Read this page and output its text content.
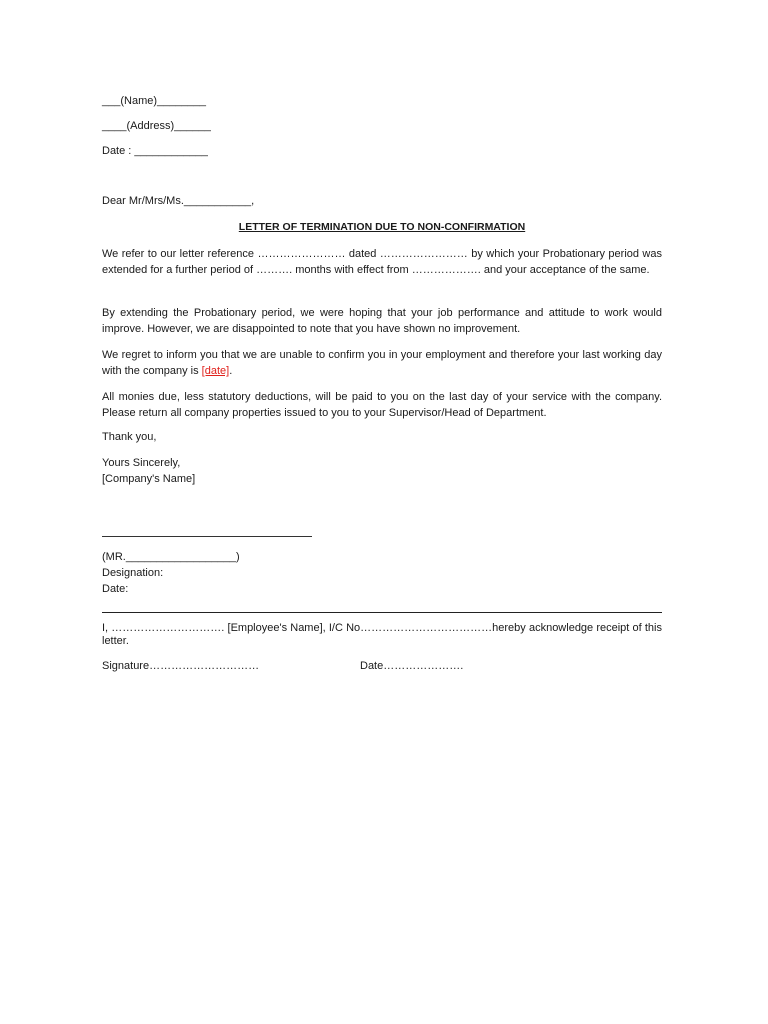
___(Name)________
____(Address)______
Date : ____________
Dear Mr/Mrs/Ms.___________,
LETTER OF TERMINATION DUE TO NON-CONFIRMATION
We refer to our letter reference …………………… dated …………………… by which your Probationary period was extended for a further period of ………. months with effect from ………………. and your acceptance of the same.
By extending the Probationary period, we were hoping that your job performance and attitude to work would improve. However, we are disappointed to note that you have shown no improvement.
We regret to inform you that we are unable to confirm you in your employment and therefore your last working day with the company is [date].
All monies due, less statutory deductions, will be paid to you on the last day of your service with the company. Please return all company properties issued to you to your Supervisor/Head of Department.
Thank you,
Yours Sincerely,
[Company's Name]
(MR.__________________)
Designation:
Date:
I, …………………………. [Employee's Name], I/C No………………………………hereby acknowledge receipt of this letter.
Signature…………………………	Date………………….
